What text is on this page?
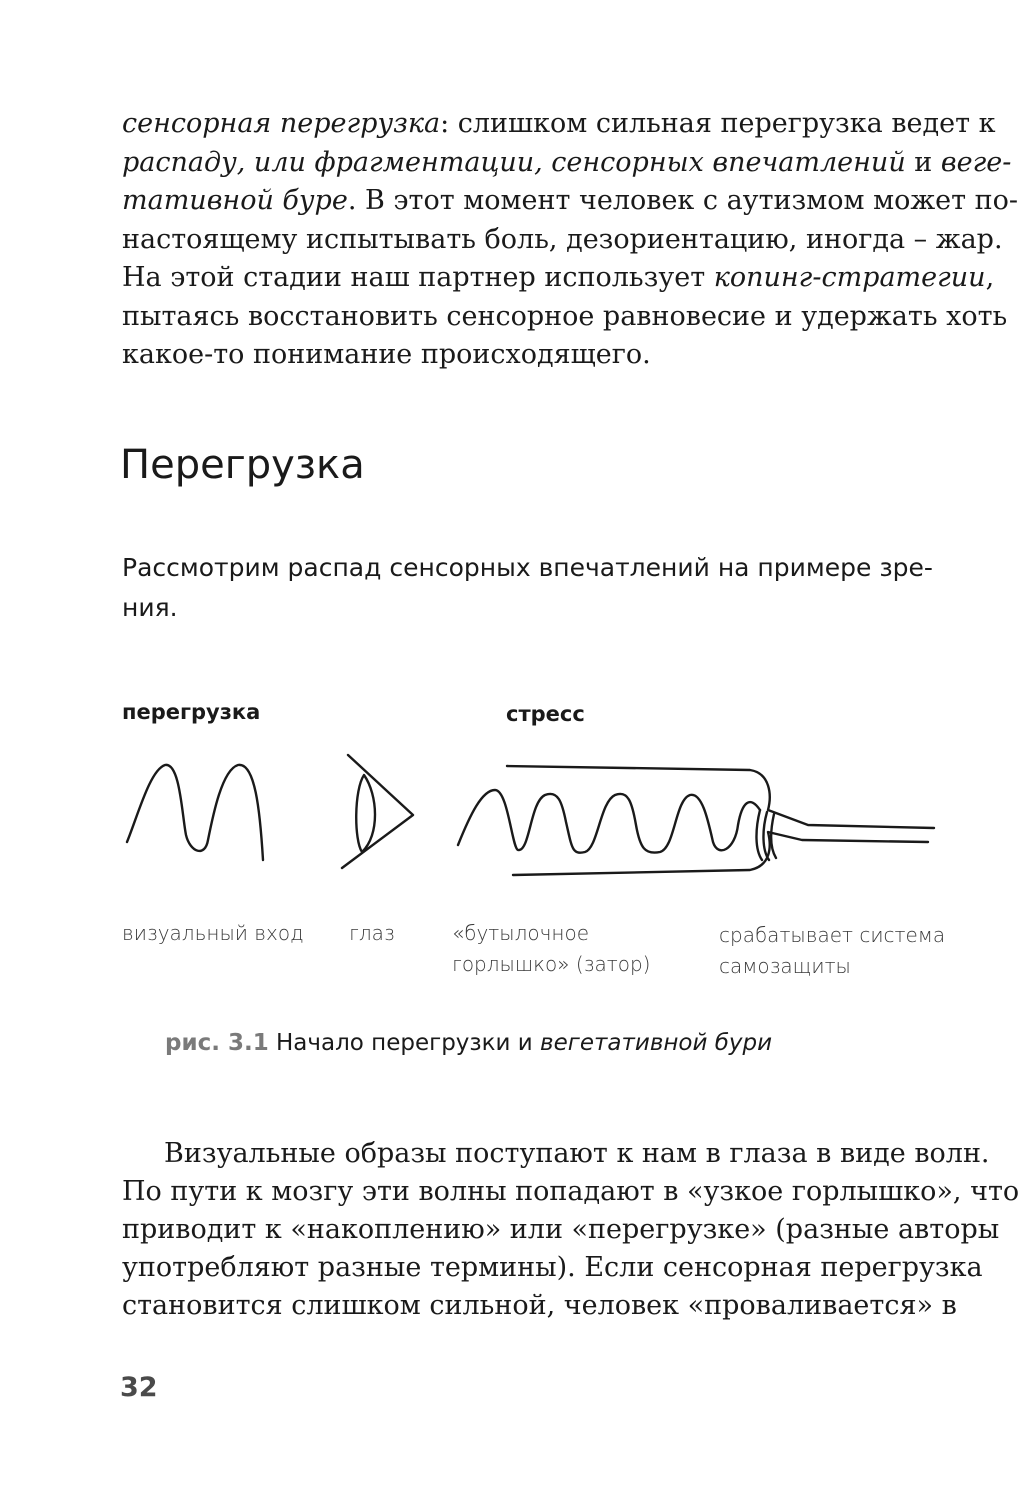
сенсорная перегрузка: слишком сильная перегрузка ведет к
распаду, или фрагментации, сенсорных впечатлений и веге-
тативной буре. В этот момент человек с аутизмом может по-
настоящему испытывать боль, дезориентацию, иногда – жар.
На этой стадии наш партнер использует копинг-стратегии,
пытаясь восстановить сенсорное равновесие и удержать хоть
какое-то понимание происходящего.

Перегрузка

Рассмотрим распад сенсорных впечатлений на примере зре-
ния.

перегрузка	стресс
визуальный вход глаз	«бутылочное
горлышко» (затор)
срабатывает система
самозащиты
рис. 3.1 Начало перегрузки и вегетативной бури

Визуальные образы поступают к нам в глаза в виде волн.
По пути к мозгу эти волны попадают в «узкое горлышко», что
приводит к «накоплению» или «перегрузке» (разные авторы
употребляют разные термины). Если сенсорная перегрузка
становится слишком сильной, человек «проваливается» в

32
